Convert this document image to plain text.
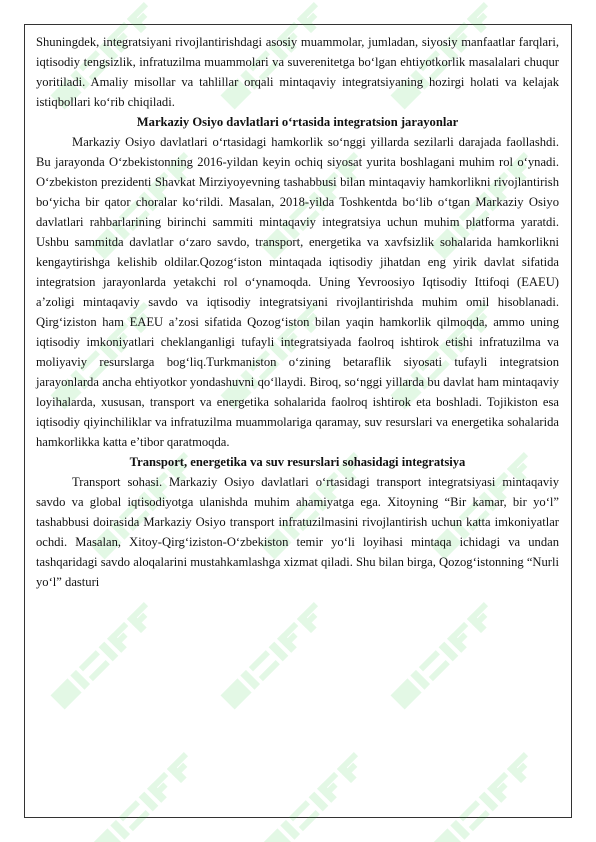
Shuningdek, integratsiyani rivojlantirishdagi asosiy muammolar, jumladan, siyosiy manfaatlar farqlari, iqtisodiy tengsizlik, infratuzilma muammolari va suverenitetga bo‘lgan ehtiyotkorlik masalalari chuqur yoritiladi. Amaliy misollar va tahlillar orqali mintaqaviy integratsiyaning hozirgi holati va kelajak istiqbollari ko‘rib chiqiladi.

Markaziy Osiyo davlatlari o‘rtasida integratsion jarayonlar

Markaziy Osiyo davlatlari o‘rtasidagi hamkorlik so‘nggi yillarda sezilarli darajada faollashdi. Bu jarayonda O‘zbekistonning 2016-yildan keyin ochiq siyosat yurita boshlagani muhim rol o‘ynadi. O‘zbekiston prezidenti Shavkat Mirziyoyevning tashabbusi bilan mintaqaviy hamkorlikni rivojlantirish bo‘yicha bir qator choralar ko‘rildi. Masalan, 2018-yilda Toshkentda bo‘lib o‘tgan Markaziy Osiyo davlatlari rahbarlarining birinchi sammiti mintaqaviy integratsiya uchun muhim platforma yaratdi. Ushbu sammitda davlatlar o‘zaro savdo, transport, energetika va xavfsizlik sohalarida hamkorlikni kengaytirishga kelishib oldilar.Qozog‘iston mintaqada iqtisodiy jihatdan eng yirik davlat sifatida integratsion jarayonlarda yetakchi rol o‘ynamoqda. Uning Yevroosiyo Iqtisodiy Ittifoqi (EAEU) a’zoligi mintaqaviy savdo va iqtisodiy integratsiyani rivojlantirishda muhim omil hisoblanadi. Qirg‘iziston ham EAEU a’zosi sifatida Qozog‘iston bilan yaqin hamkorlik qilmoqda, ammo uning iqtisodiy imkoniyatlari cheklanganligi tufayli integratsiyada faolroq ishtirok etishi infratuzilma va moliyaviy resurslarga bog‘liq.Turkmaniston o‘zining betaraflik siyosati tufayli integratsion jarayonlarda ancha ehtiyotkor yondashuvni qo‘llaydi. Biroq, so‘nggi yillarda bu davlat ham mintaqaviy loyihalarda, xususan, transport va energetika sohalarida faolroq ishtirok eta boshladi. Tojikiston esa iqtisodiy qiyinchiliklar va infratuzilma muammolariga qaramay, suv resurslari va energetika sohalarida hamkorlikka katta e’tibor qaratmoqda.

Transport, energetika va suv resurslari sohasidagi integratsiya

Transport sohasi. Markaziy Osiyo davlatlari o‘rtasidagi transport integratsiyasi mintaqaviy savdo va global iqtisodiyotga ulanishda muhim ahamiyatga ega. Xitoyning “Bir kamar, bir yo‘l” tashabbusi doirasida Markaziy Osiyo transport infratuzilmasini rivojlantirish uchun katta imkoniyatlar ochdi. Masalan, Xitoy-Qirg‘iziston-O‘zbekiston temir yo‘li loyihasi mintaqa ichidagi va undan tashqaridagi savdo aloqalarini mustahkamlashga xizmat qiladi. Shu bilan birga, Qozog‘istonning “Nurli yo‘l” dasturi
